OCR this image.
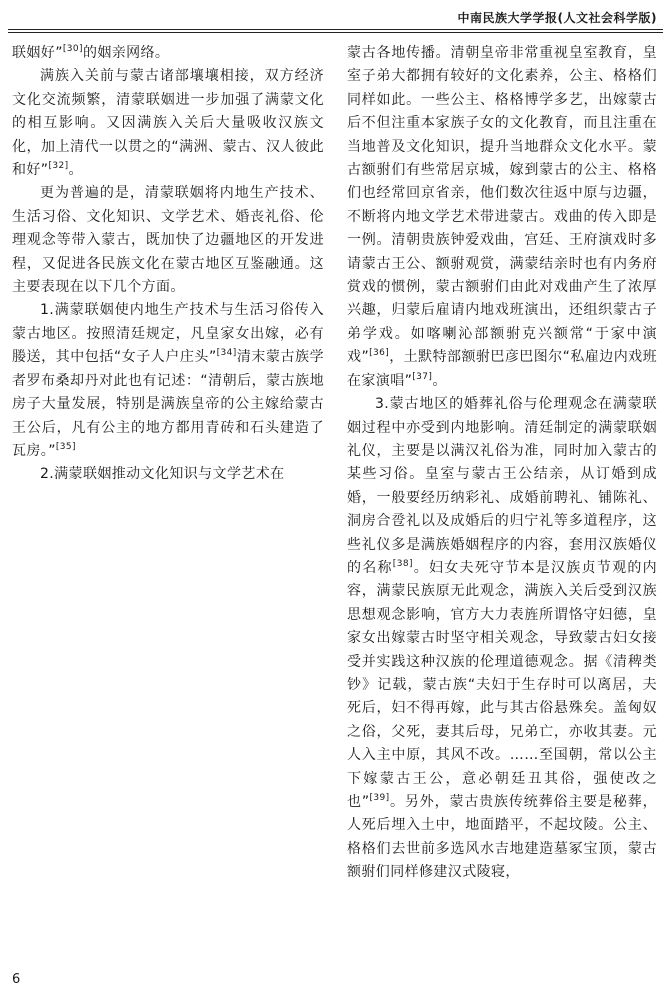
中南民族大学学报(人文社会科学版)

联姻好”[30]的姻亲网络。

满族入关前与蒙古诸部壤壤相接，双方经济文化交流频繁，清蒙联姻进一步加强了满蒙文化的相互影响。又因满族入关后大量吸收汉族文化，加上清代一以贯之的“满洲、蒙古、汉人彼此和好”[32]。

更为普遍的是，清蒙联姻将内地生产技术、生活习俗、文化知识、文学艺术、婚丧礼俗、伦理观念等带入蒙古，既加快了边疆地区的开发进程，又促进各民族文化在蒙古地区互鉴融通。这主要表现在以下几个方面。

1.满蒙联姻使内地生产技术与生活习俗传入蒙古地区。按照清廷规定，凡皇家女出嫁，必有媵送，其中包括“女子人户庄头”[34]清末蒙古族学者罗布桑却丹对此也有记述：“清朝后，蒙古族地房子大量发展，特别是满族皇帝的公主嫁给蒙古王公后，凡有公主的地方都用青砖和石头建造了瓦房。”[35]

2.满蒙联姻推动文化知识与文学艺术在

蒙古各地传播。清朝皇帝非常重视皇室教育，皇室子弟大都拥有较好的文化素养，公主、格格们同样如此。一些公主、格格博学多艺，出嫁蒙古后不但注重本家族子女的文化教育，而且注重在当地普及文化知识，提升当地群众文化水平。蒙古额驸们有些常居京城，嫁到蒙古的公主、格格们也经常回京省亲，他们数次往返中原与边疆，不断将内地文学艺术带进蒙古。戏曲的传入即是一例。清朝贵族钟爱戏曲，宫廷、王府演戏时多请蒙古王公、额驸观赏，满蒙结亲时也有内务府赏戏的惯例，蒙古额驸们由此对戏曲产生了浓厚兴趣，归蒙后雇请内地戏班演出，还组织蒙古子弟学戏。如喀喇沁部额驸克兴额常“于家中演戏”[36]，土默特部额驸巴彦巴图尔“私雇边内戏班在家演唱”[37]。

3.蒙古地区的婚葬礼俗与伦理观念在满蒙联姻过程中亦受到内地影响。清廷制定的满蒙联姻礼仪，主要是以满汉礼俗为准，同时加入蒙古的某些习俗。皇室与蒙古王公结亲，从订婚到成婚，一般要经历纳彩礼、成婚前聘礼、铺陈礼、洞房合卺礼以及成婚后的归宁礼等多道程序，这些礼仪多是满族婚姻程序的内容，套用汉族婚仪的名称[38]。妇女夫死守节本是汉族贞节观的内容，满蒙民族原无此观念，满族入关后受到汉族思想观念影响，官方大力表旌所谓恪守妇德，皇家女出嫁蒙古时坚守相关观念，导致蒙古妇女接受并实践这种汉族的伦理道德观念。据《清稗类钞》记载，蒙古族“夫妇于生存时可以离居，夫死后，妇不得再嫁，此与其古俗悬殊矣。盖匈奴之俗，父死，妻其后母，兄弟亡，亦收其妻。元人入主中原，其风不改。……至国朝，常以公主下嫁蒙古王公，意必朝廷丑其俗，强使改之也”[39]。另外，蒙古贵族传统葬俗主要是秘葬，人死后埋入土中，地面踏平，不起坟陵。公主、格格们去世前多选风水吉地建造墓冢宝顶，蒙古额驸们同样修建汉式陵寝，

6
